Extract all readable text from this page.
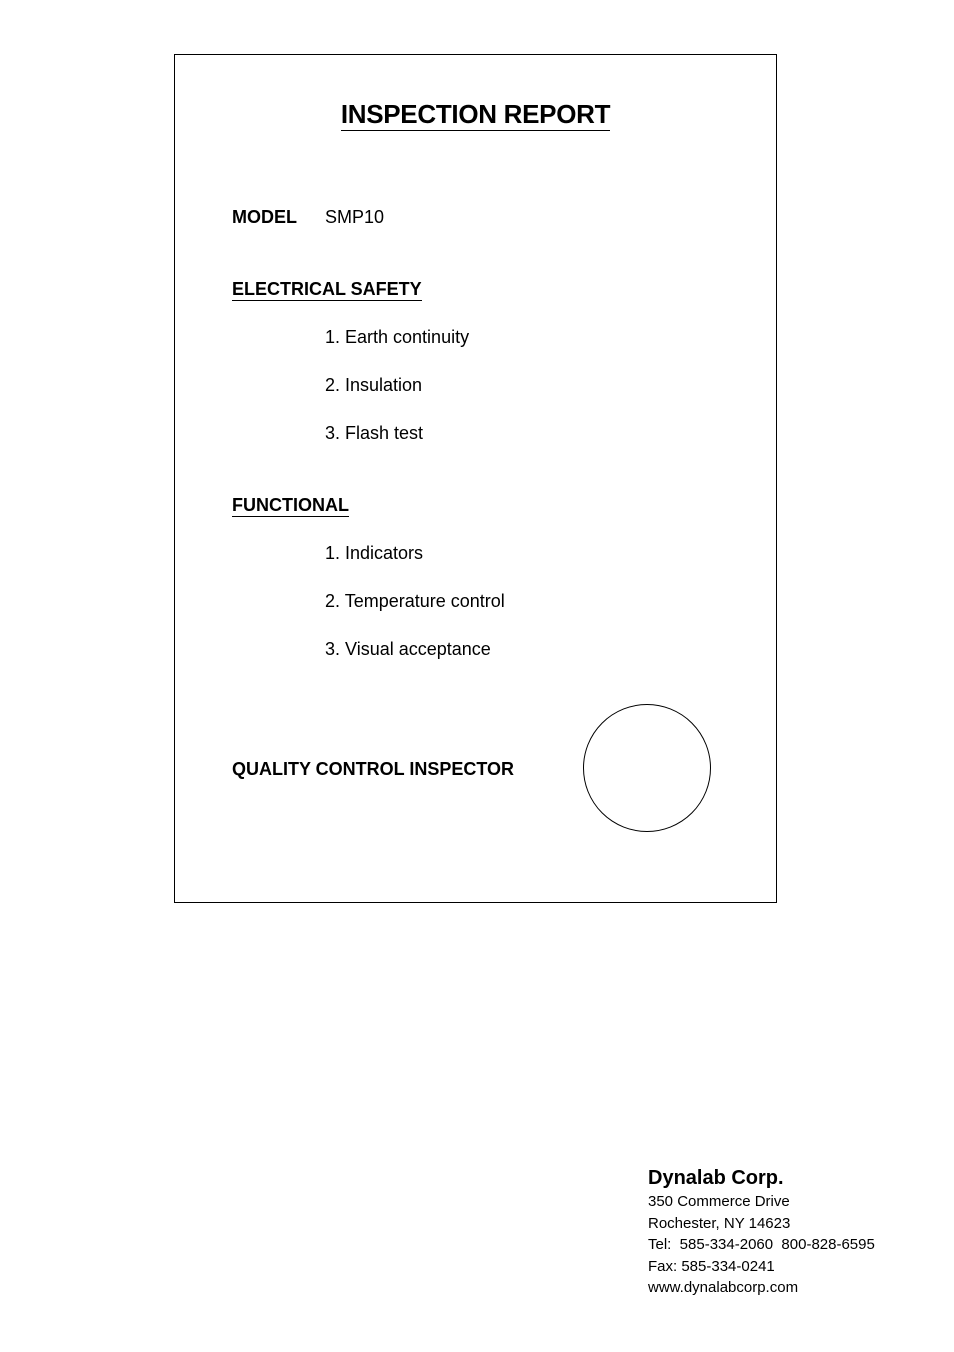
INSPECTION REPORT
MODEL SMP10
ELECTRICAL SAFETY
1. Earth continuity
2. Insulation
3. Flash test
FUNCTIONAL
1. Indicators
2. Temperature control
3. Visual acceptance
QUALITY CONTROL INSPECTOR
Dynalab Corp.
350 Commerce Drive
Rochester, NY 14623
Tel:  585-334-2060  800-828-6595
Fax: 585-334-0241
www.dynalabcorp.com
